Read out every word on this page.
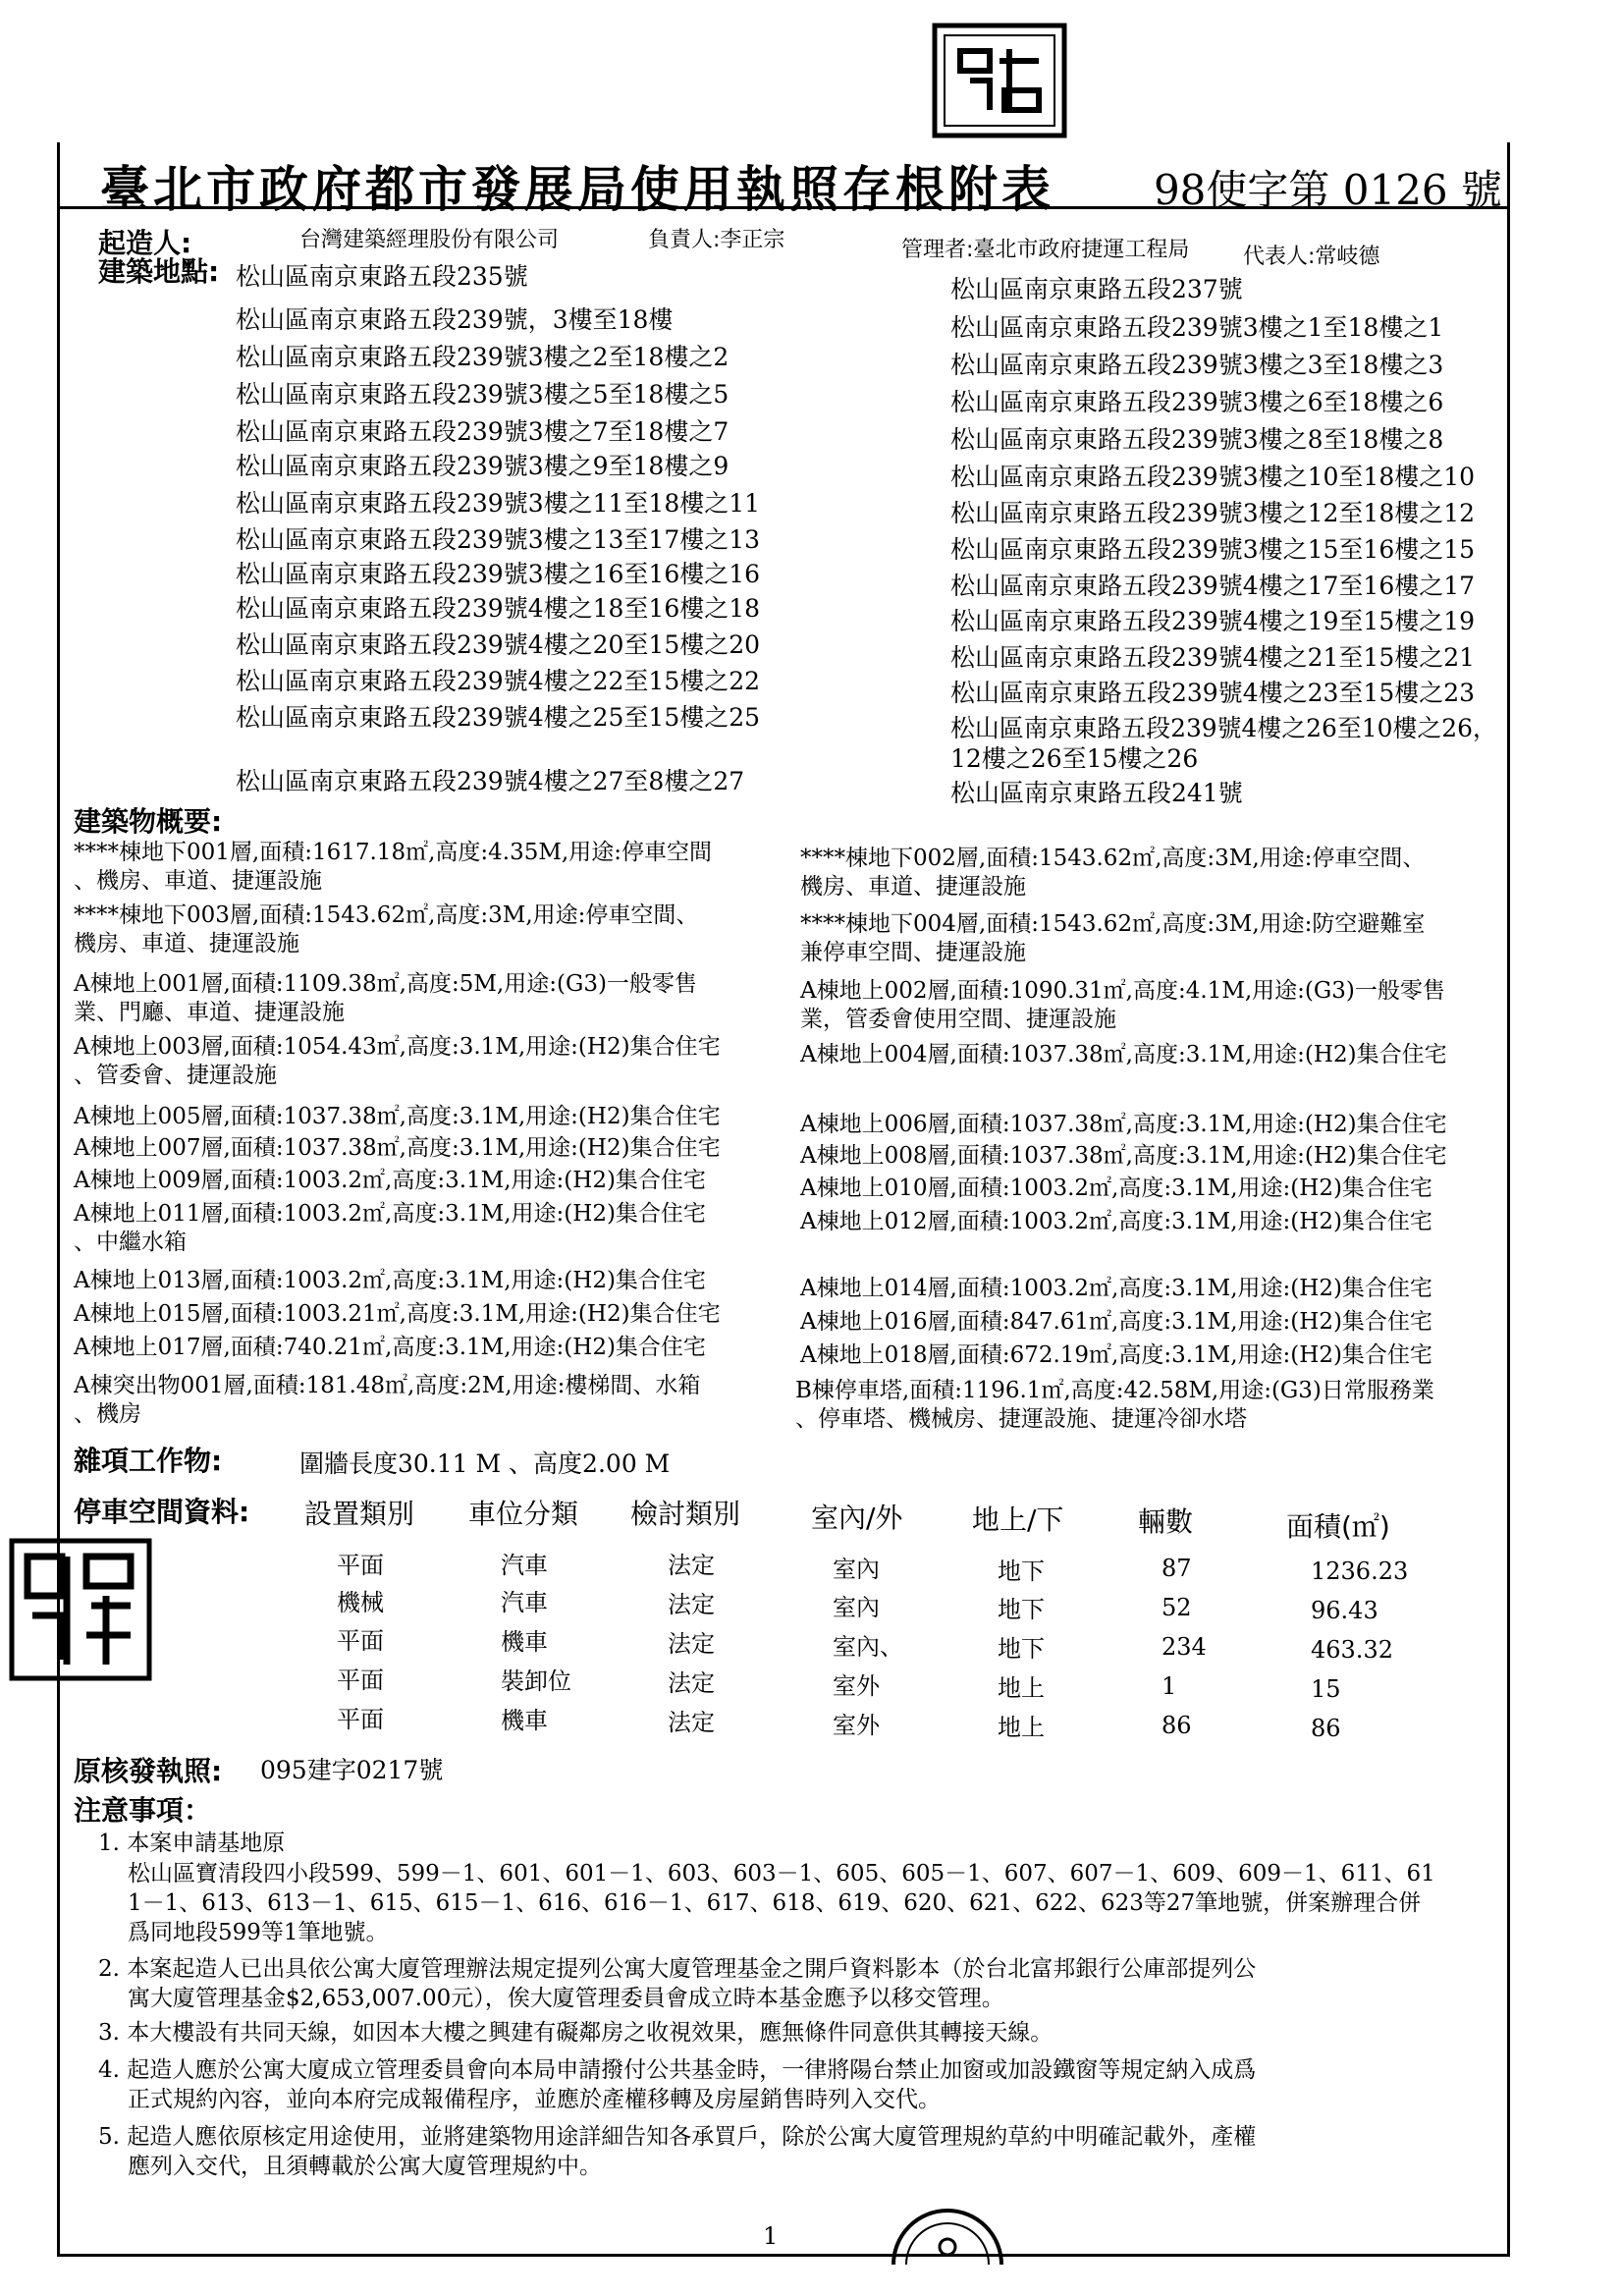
臺北市政府都市發展局使用執照存根附表 98使字第 0126 號
起造人:	台灣建築經理股份有限公司	負責人:李正宗	管理者:臺北市政府捷運工程局 代表人:常岐德
建築地點: 松山區南京東路五段235號
松山區南京東路五段239號，3樓至18樓
松山區南京東路五段239號3樓之2至18樓之2
松山區南京東路五段239號3樓之5至18樓之5
松山區南京東路五段239號3樓之7至18樓之7
松山區南京東路五段239號3樓之9至18樓之9
松山區南京東路五段239號3樓之11至18樓之11
松山區南京東路五段239號3樓之13至17樓之13
松山區南京東路五段239號3樓之16至16樓之16
松山區南京東路五段239號4樓之18至16樓之18
松山區南京東路五段239號4樓之20至15樓之20
松山區南京東路五段239號4樓之22至15樓之22
松山區南京東路五段239號4樓之25至15樓之25
松山區南京東路五段239號4樓之27至8樓之27
松山區南京東路五段237號
松山區南京東路五段239號3樓之1至18樓之1
松山區南京東路五段239號3樓之3至18樓之3
松山區南京東路五段239號3樓之6至18樓之6
松山區南京東路五段239號3樓之8至18樓之8
松山區南京東路五段239號3樓之10至18樓之10
松山區南京東路五段239號3樓之12至18樓之12
松山區南京東路五段239號3樓之15至16樓之15
松山區南京東路五段239號4樓之17至16樓之17
松山區南京東路五段239號4樓之19至15樓之19
松山區南京東路五段239號4樓之21至15樓之21
松山區南京東路五段239號4樓之23至15樓之23
松山區南京東路五段239號4樓之26至10樓之26，
12樓之26至15樓之26
松山區南京東路五段241號
建築物概要:
****棟地下001層,面積:1617.18㎡,高度:4.35M,用途:停車空間
、機房、車道、捷運設施
****棟地下003層,面積:1543.62㎡,高度:3M,用途:停車空間、
機房、車道、捷運設施
A棟地上001層,面積:1109.38㎡,高度:5M,用途:(G3)一般零售
業、門廳、車道、捷運設施
A棟地上003層,面積:1054.43㎡,高度:3.1M,用途:(H2)集合住宅
、管委會、捷運設施
A棟地上005層,面積:1037.38㎡,高度:3.1M,用途:(H2)集合住宅
A棟地上007層,面積:1037.38㎡,高度:3.1M,用途:(H2)集合住宅
A棟地上009層,面積:1003.2㎡,高度:3.1M,用途:(H2)集合住宅
A棟地上011層,面積:1003.2㎡,高度:3.1M,用途:(H2)集合住宅
、中繼水箱
A棟地上013層,面積:1003.2㎡,高度:3.1M,用途:(H2)集合住宅
A棟地上015層,面積:1003.21㎡,高度:3.1M,用途:(H2)集合住宅
A棟地上017層,面積:740.21㎡,高度:3.1M,用途:(H2)集合住宅
A棟突出物001層,面積:181.48㎡,高度:2M,用途:樓梯間、水箱
、機房
****棟地下002層,面積:1543.62㎡,高度:3M,用途:停車空間、
機房、車道、捷運設施
****棟地下004層,面積:1543.62㎡,高度:3M,用途:防空避難室
兼停車空間、捷運設施
A棟地上002層,面積:1090.31㎡,高度:4.1M,用途:(G3)一般零售
業，管委會使用空間、捷運設施
A棟地上004層,面積:1037.38㎡,高度:3.1M,用途:(H2)集合住宅
A棟地上006層,面積:1037.38㎡,高度:3.1M,用途:(H2)集合住宅
A棟地上008層,面積:1037.38㎡,高度:3.1M,用途:(H2)集合住宅
A棟地上010層,面積:1003.2㎡,高度:3.1M,用途:(H2)集合住宅
A棟地上012層,面積:1003.2㎡,高度:3.1M,用途:(H2)集合住宅
A棟地上014層,面積:1003.2㎡,高度:3.1M,用途:(H2)集合住宅
A棟地上016層,面積:847.61㎡,高度:3.1M,用途:(H2)集合住宅
A棟地上018層,面積:672.19㎡,高度:3.1M,用途:(H2)集合住宅
B棟停車塔,面積:1196.1㎡,高度:42.58M,用途:(G3)日常服務業
、停車塔、機械房、捷運設施、捷運冷卻水塔
雜項工作物:	圍牆長度30.11 M 、高度2.00 M
停車空間資料: 設置類別 車位分類 檢討類別	室內/外	地上/下	輛數	面積(㎡)
平面	汽車	法定	室內	地下	87	1236.23
機械	汽車	法定	室內	地下	52	96.43
平面	機車	法定	室內、	地下	234	463.32
平面	裝卸位	法定	室外	地上	1	15
平面	機車	法定	室外	地上	86	86
原核發執照: 095建字0217號
注意事項：
1. 本案申請基地原
松山區寶清段四小段599、599－1、601、601－1、603、603－1、605、605－1、607、607－1、609、609－1、611、61
1－1、613、613－1、615、615－1、616、616－1、617、618、619、620、621、622、623等27筆地號，併案辦理合併
爲同地段599等1筆地號。
2. 本案起造人已出具依公寓大廈管理辦法規定提列公寓大廈管理基金之開戶資料影本（於台北富邦銀行公庫部提列公
寓大廈管理基金$2,653,007.00元），俟大廈管理委員會成立時本基金應予以移交管理。
3. 本大樓設有共同天線，如因本大樓之興建有礙鄰房之收視效果，應無條件同意供其轉接天線。
4. 起造人應於公寓大廈成立管理委員會向本局申請撥付公共基金時，一律將陽台禁止加窗或加設鐵窗等規定納入成爲
正式規約內容，並向本府完成報備程序，並應於產權移轉及房屋銷售時列入交代。
5. 起造人應依原核定用途使用，並將建築物用途詳細告知各承買戶，除於公寓大廈管理規約草約中明確記載外，產權
應列入交代，且須轉載於公寓大廈管理規約中。
1
